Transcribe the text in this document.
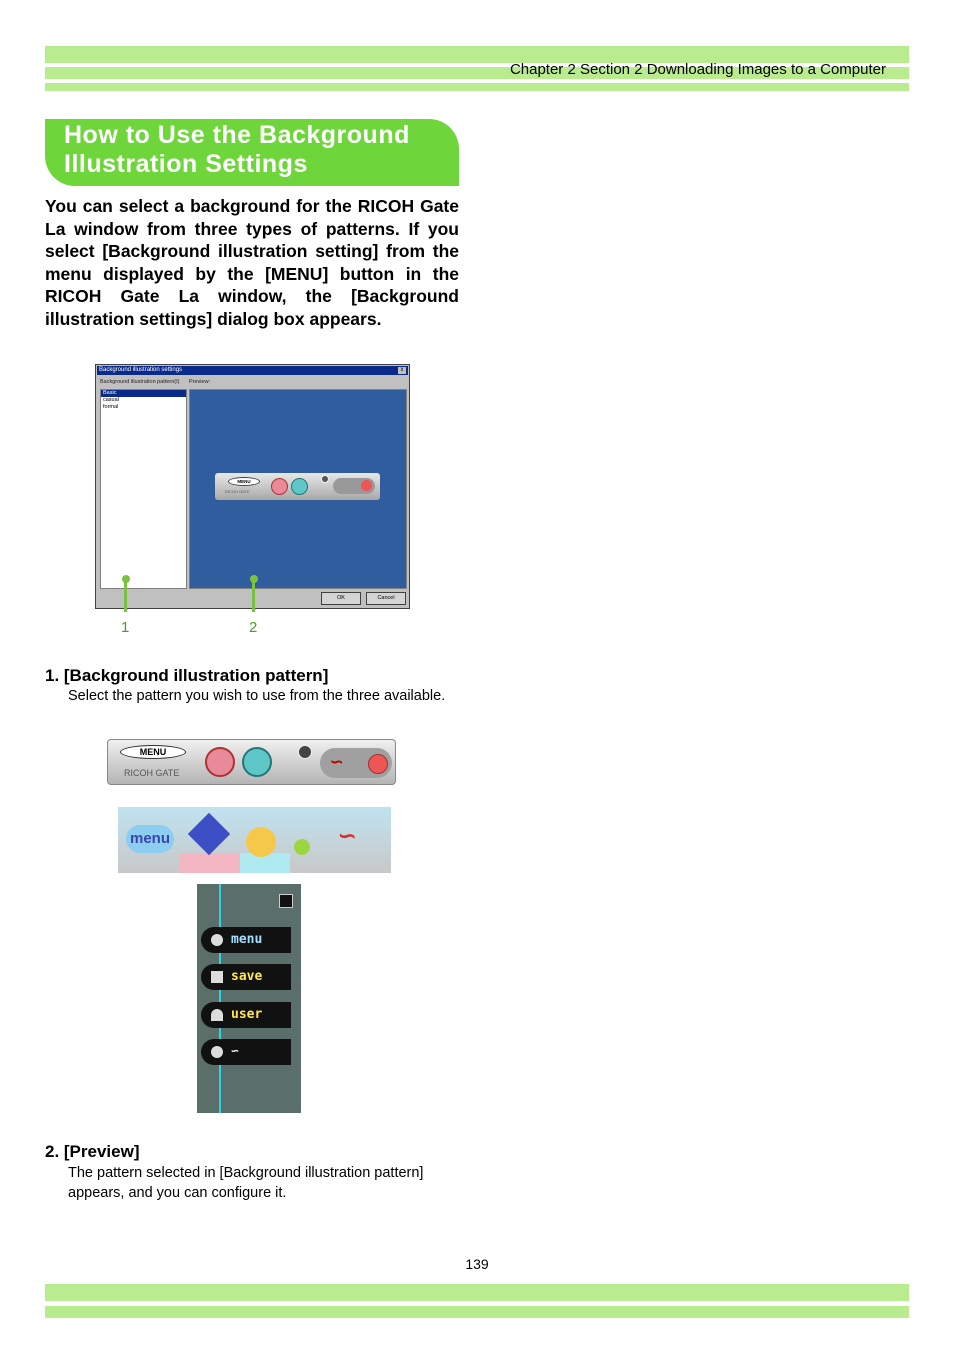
Chapter 2 Section 2 Downloading Images to a Computer
How to Use the Background Illustration Settings
You can select a background for the RICOH Gate La window from three types of patterns. If you select [Background illustration setting] from the menu displayed by the [MENU] button in the RICOH Gate La window, the [Background illustration settings] dialog box appears.
Background illustration settings	x
Background illustration pattern(I) Preview:
Basic
casual
formal
MENU
RICOH GATE
OK	Cancel
1	2
1. [Background illustration pattern]
Select the pattern you wish to use from the three available.
MENU
RICOH GATE
∽
menu	∽
menu
save
user
∽
2. [Preview]
The pattern selected in [Background illustration pattern] appears, and you can configure it.
139
